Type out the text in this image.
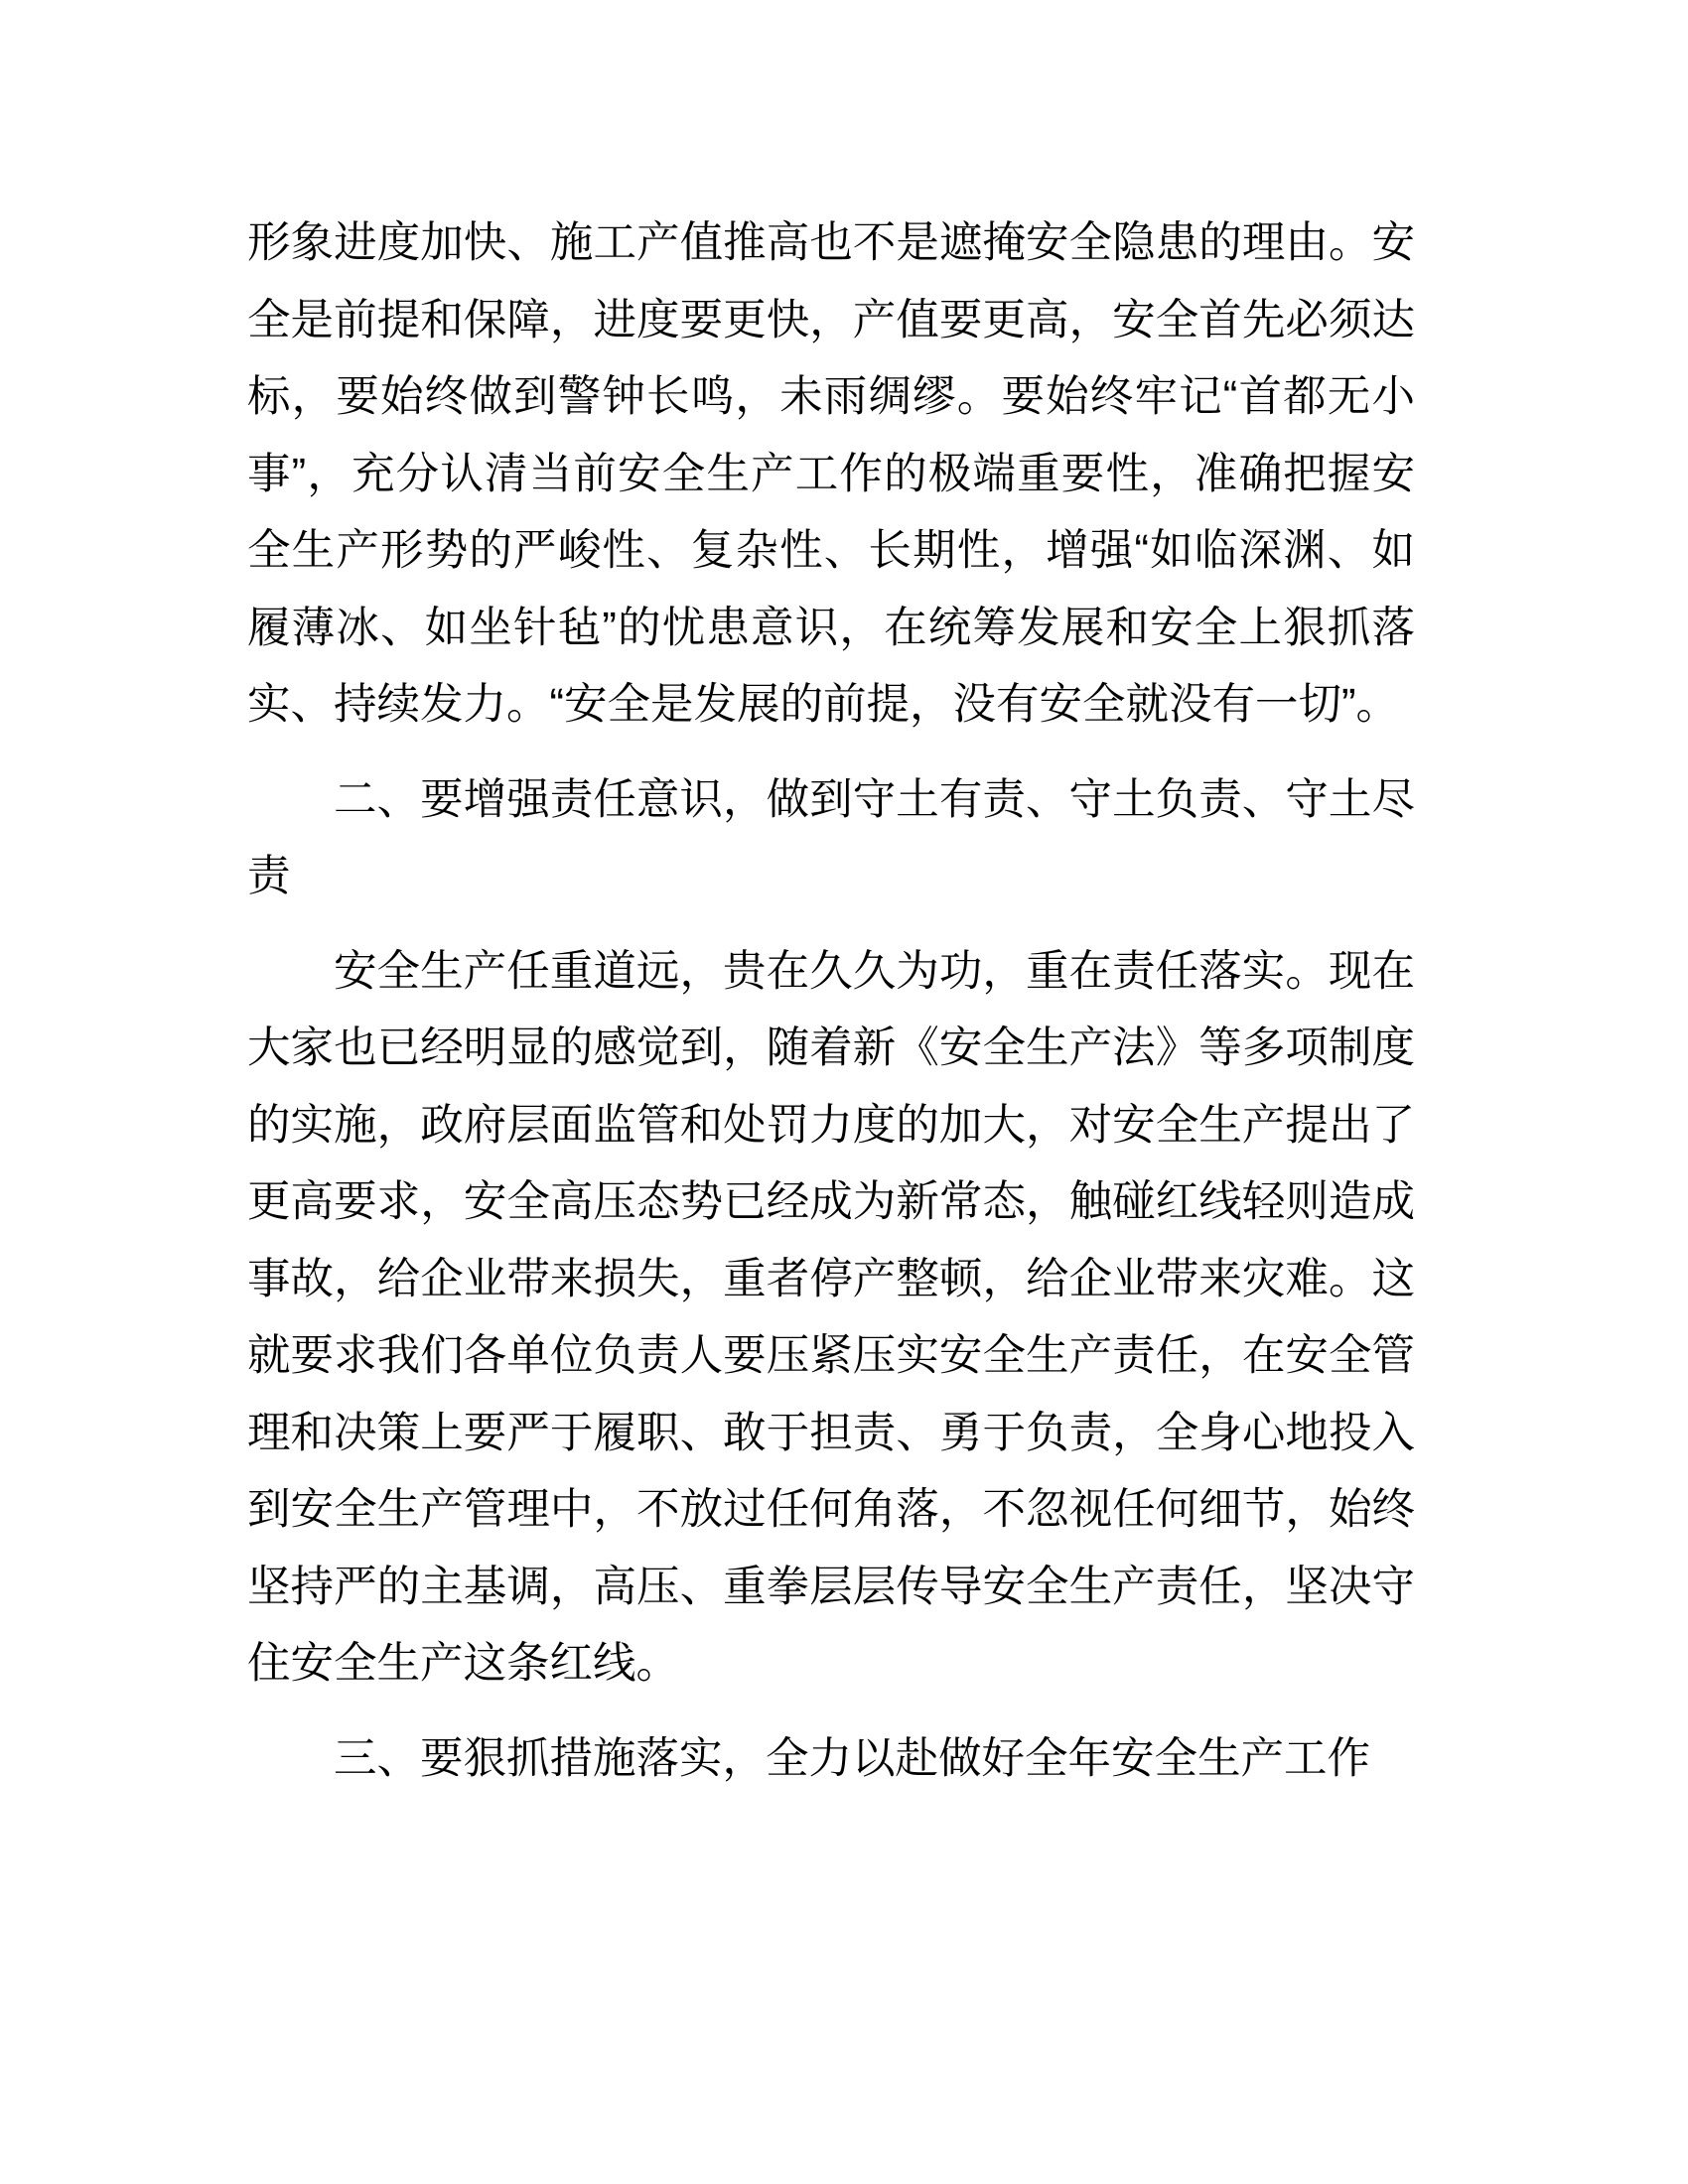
形象进度加快、施工产值推高也不是遮掩安全隐患的理由。安全是前提和保障，进度要更快，产值要更高，安全首先必须达标，要始终做到警钟长鸣，未雨绸缪。要始终牢记“首都无小事”，充分认清当前安全生产工作的极端重要性，准确把握安全生产形势的严峻性、复杂性、长期性，增强“如临深渊、如履薄冰、如坐针毡”的忧患意识，在统筹发展和安全上狠抓落实、持续发力。“安全是发展的前提，没有安全就没有一切”。

二、要增强责任意识，做到守土有责、守土负责、守土尽责

安全生产任重道远，贵在久久为功，重在责任落实。现在大家也已经明显的感觉到，随着新《安全生产法》等多项制度的实施，政府层面监管和处罚力度的加大，对安全生产提出了更高要求，安全高压态势已经成为新常态，触碰红线轻则造成事故，给企业带来损失，重者停产整顿，给企业带来灾难。这就要求我们各单位负责人要压紧压实安全生产责任，在安全管理和决策上要严于履职、敢于担责、勇于负责，全身心地投入到安全生产管理中，不放过任何角落，不忽视任何细节，始终坚持严的主基调，高压、重拳层层传导安全生产责任，坚决守住安全生产这条红线。

三、要狠抓措施落实，全力以赴做好全年安全生产工作
